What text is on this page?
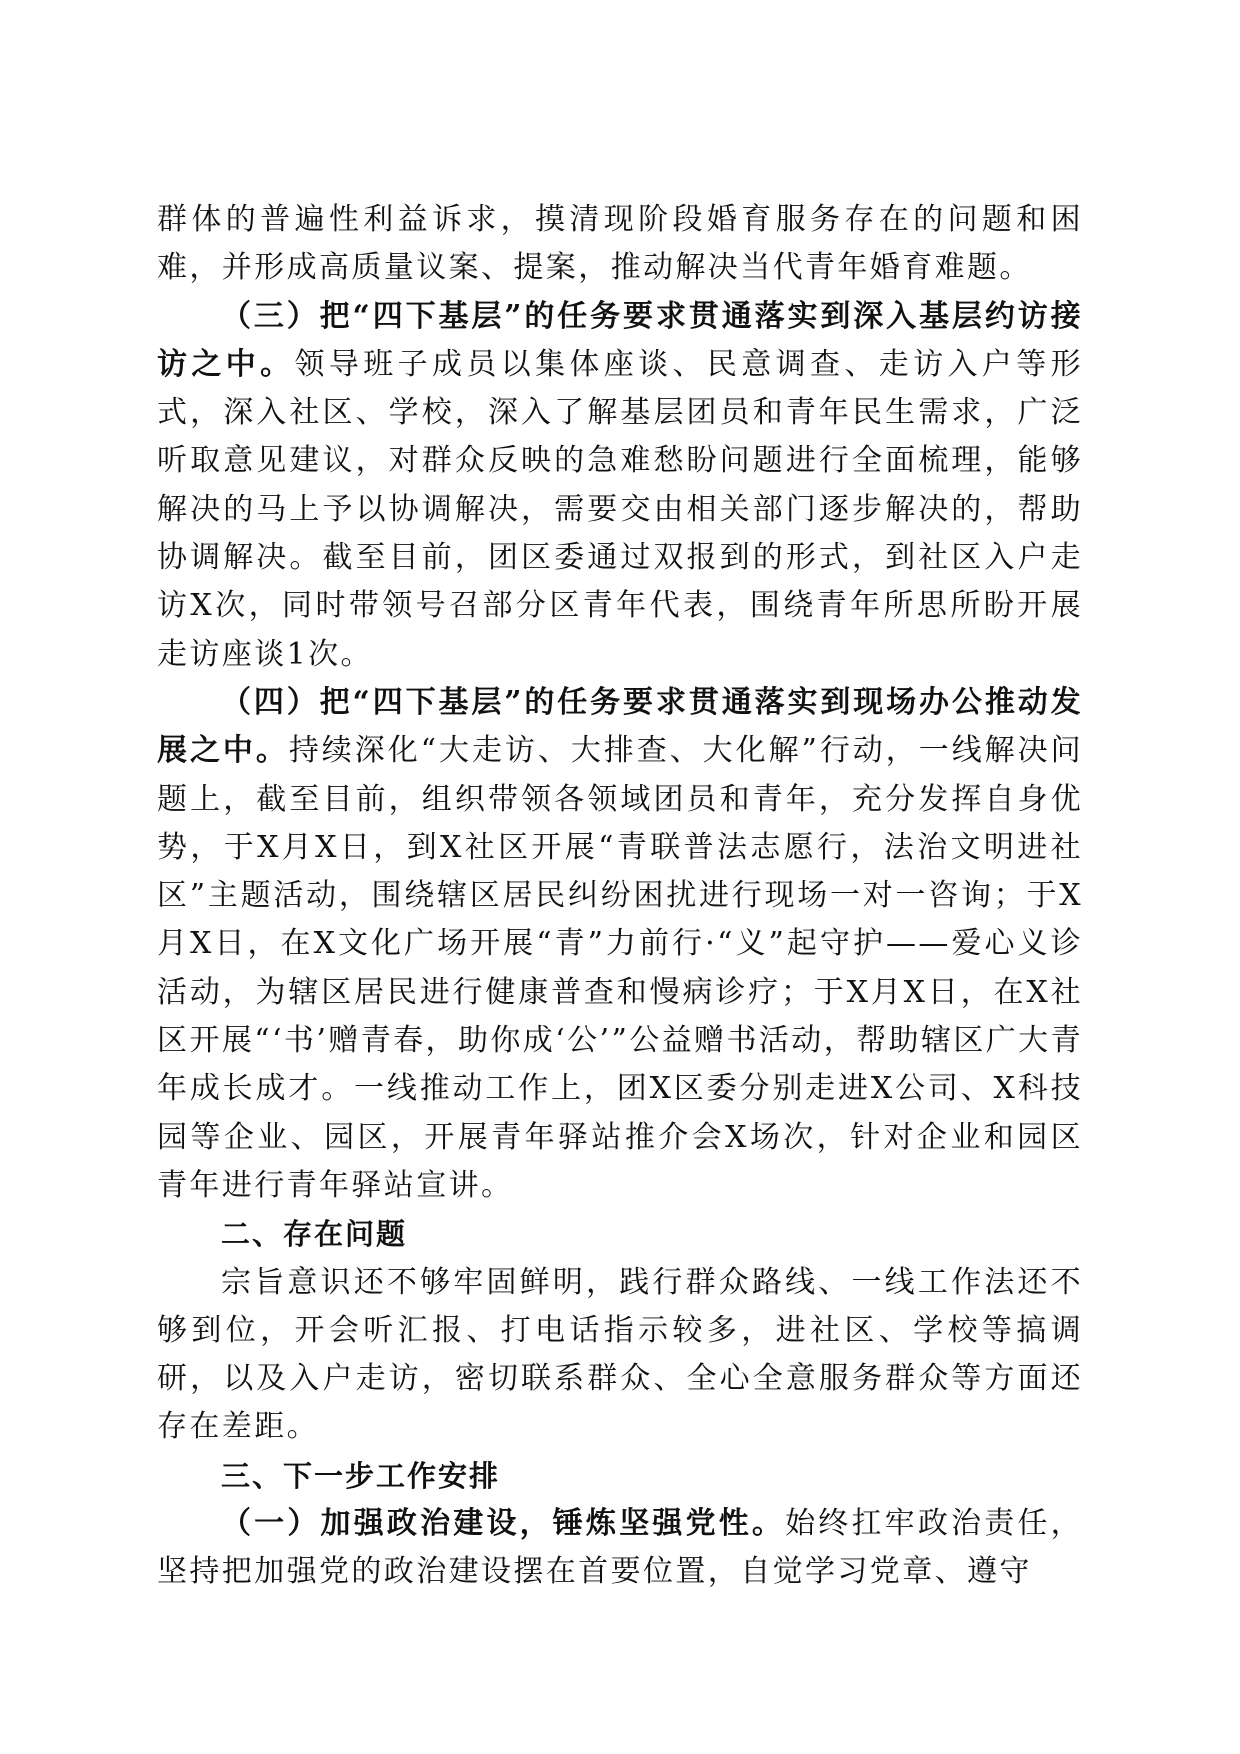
群体的普遍性利益诉求，摸清现阶段婚育服务存在的问题和困难，并形成高质量议案、提案，推动解决当代青年婚育难题。

（三）把“四下基层”的任务要求贯通落实到深入基层约访接访之中。领导班子成员以集体座谈、民意调查、走访入户等形式，深入社区、学校，深入了解基层团员和青年民生需求，广泛听取意见建议，对群众反映的急难愁盼问题进行全面梳理，能够解决的马上予以协调解决，需要交由相关部门逐步解决的，帮助协调解决。截至目前，团区委通过双报到的形式，到社区入户走访X次，同时带领号召部分区青年代表，围绕青年所思所盼开展走访座谈1次。

（四）把“四下基层”的任务要求贯通落实到现场办公推动发展之中。持续深化“大走访、大排查、大化解”行动，一线解决问题上，截至目前，组织带领各领域团员和青年，充分发挥自身优势，于X月X日，到X社区开展“青联普法志愿行，法治文明进社区”主题活动，围绕辖区居民纠纷困扰进行现场一对一咨询；于X月X日，在X文化广场开展“青”力前行·“义”起守护——爱心义诊活动，为辖区居民进行健康普查和慢病诊疗；于X月X日，在X社区开展“‘书’赠青春，助你成‘公’”公益赠书活动，帮助辖区广大青年成长成才。一线推动工作上，团X区委分别走进X公司、X科技园等企业、园区，开展青年驿站推介会X场次，针对企业和园区青年进行青年驿站宣讲。

二、存在问题

宗旨意识还不够牢固鲜明，践行群众路线、一线工作法还不够到位，开会听汇报、打电话指示较多，进社区、学校等搞调研，以及入户走访，密切联系群众、全心全意服务群众等方面还存在差距。

三、下一步工作安排

（一）加强政治建设，锤炼坚强党性。始终扛牢政治责任，坚持把加强党的政治建设摆在首要位置，自觉学习党章、遵守
